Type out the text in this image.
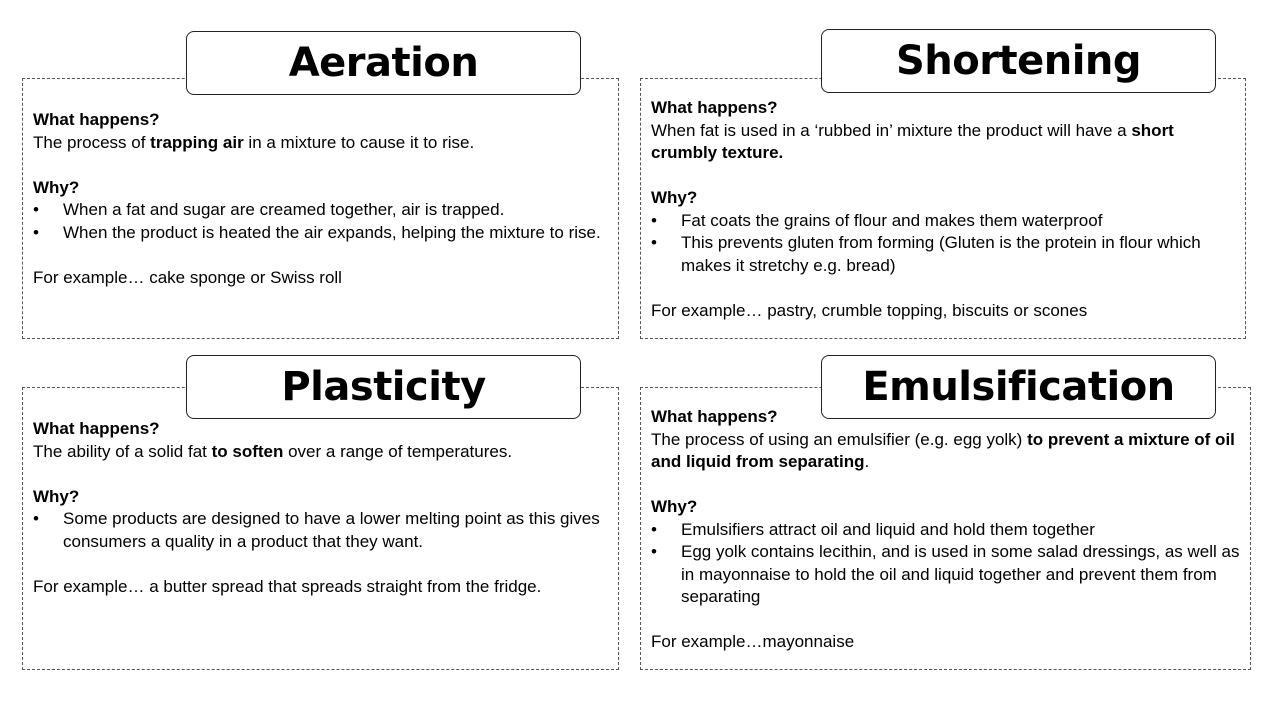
What happens?

The process of trapping air in a mixture to cause it to rise.

Why?

• When a fat and sugar are creamed together, air is trapped.
• When the product is heated the air expands, helping the mixture to rise.

For example… cake sponge or Swiss roll

Aeration

What happens?

When fat is used in a ‘rubbed in’ mixture the product will have a short crumbly texture.

Why?

• Fat coats the grains of flour and makes them waterproof
• This prevents gluten from forming (Gluten is the protein in flour which makes it stretchy e.g. bread)

For example… pastry, crumble topping, biscuits or scones

Shortening

What happens?

The ability of a solid fat to soften over a range of temperatures.

Why?

• Some products are designed to have a lower melting point as this gives consumers a quality in a product that they want.

For example… a butter spread that spreads straight from the fridge.

Plasticity

What happens?

The process of using an emulsifier (e.g. egg yolk) to prevent a mixture of oil and liquid from separating.

Why?

• Emulsifiers attract oil and liquid and hold them together
• Egg yolk contains lecithin, and is used in some salad dressings, as well as in mayonnaise to hold the oil and liquid together and prevent them from separating

For example…mayonnaise

Emulsification
